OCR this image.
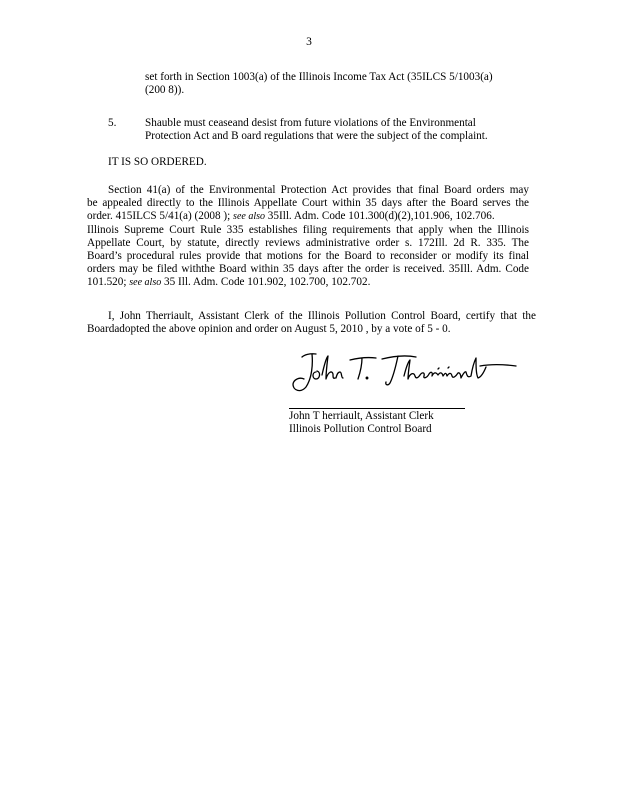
3
set forth in Section 1003(a) of the Illinois Income Tax Act (35ILCS 5/1003(a)
(200 8)).
5.	Shauble must ceaseand desist from future violations of the Environmental
Protection Act and B oard regulations that were the subject of the complaint.
IT IS SO ORDERED.
Section 41(a) of the Environmental Protection Act provides that final Board orders may
be appealed directly to the Illinois Appellate Court within 35 days after the Board serves the
order. 415ILCS 5/41(a) (2008 ); see also 35Ill. Adm. Code 101.300(d)(2),101.906, 102.706.
Illinois Supreme Court Rule 335 establishes filing requirements that apply when the Illinois
Appellate Court, by statute, directly reviews administrative order s. 172Ill. 2d R. 335. The
Board’s procedural rules provide that motions for the Board to reconsider or modify its final
orders may be filed withthe Board within 35 days after the order is received. 35Ill. Adm. Code
101.520; see also 35 Ill. Adm. Code 101.902, 102.700, 102.702.
I, John Therriault, Assistant Clerk of the Illinois Pollution Control Board, certify that the
Boardadopted the above opinion and order on August 5, 2010 , by a vote of 5 - 0.
John T herriault, Assistant Clerk
Illinois Pollution Control Board
